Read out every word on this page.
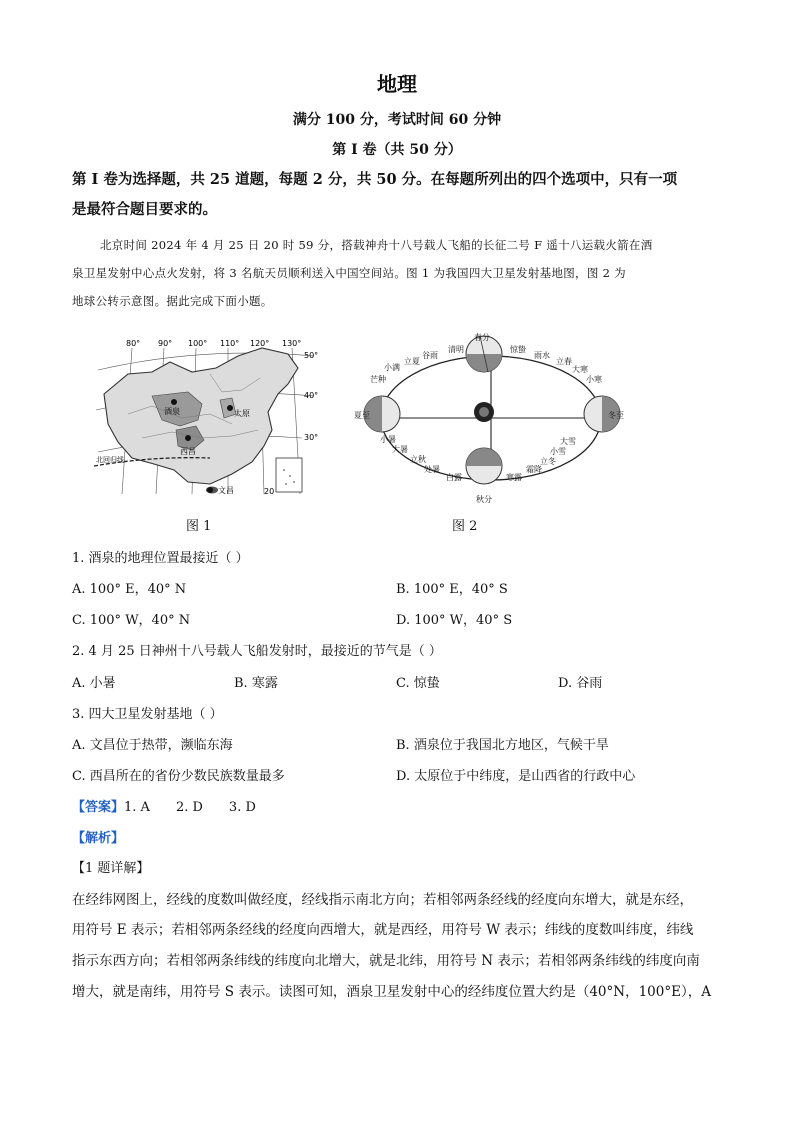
地理
满分 100 分，考试时间 60 分钟
第 I 卷（共 50 分）
第 I 卷为选择题，共 25 道题，每题 2 分，共 50 分。在每题所列出的四个选项中，只有一项
是最符合题目要求的。
北京时间 2024 年 4 月 25 日 20 时 59 分，搭载神舟十八号载人飞船的长征二号 F 遥十八运载火箭在酒
泉卫星发射中心点火发射，将 3 名航天员顺利送入中国空间站。图 1 为我国四大卫星发射基地图，图 2 为
地球公转示意图。据此完成下面小题。
酒泉	太原
西昌
文昌
80° 90° 100° 110° 120° 130°
50°
40°
30°
北回归线
20
图 1
春分
清明
谷雨
立夏
小满
芒种
夏至
小暑
大暑
立秋
处暑
白露
秋分
寒露
霜降
立冬
小雪
大雪
冬至
小寒
大寒
立春
雨水
惊蛰
图 2
1. 酒泉的地理位置最接近（ ）
A. 100° E，40° N	B. 100° E，40° S
C. 100° W，40° N	D. 100° W，40° S
2. 4 月 25 日神州十八号载人飞船发射时，最接近的节气是（ ）
A. 小暑	B. 寒露	C. 惊蛰	D. 谷雨
3. 四大卫星发射基地（ ）
A. 文昌位于热带，濒临东海	B. 酒泉位于我国北方地区，气候干旱
C. 西昌所在的省份少数民族数量最多	D. 太原位于中纬度，是山西省的行政中心
【答案】1. A 2. D 3. D
【解析】
【1 题详解】
在经纬网图上，经线的度数叫做经度，经线指示南北方向；若相邻两条经线的经度向东增大，就是东经，
用符号 E 表示；若相邻两条经线的经度向西增大，就是西经，用符号 W 表示；纬线的度数叫纬度，纬线
指示东西方向；若相邻两条纬线的纬度向北增大，就是北纬，用符号 N 表示；若相邻两条纬线的纬度向南
增大，就是南纬，用符号 S 表示。读图可知，酒泉卫星发射中心的经纬度位置大约是（40°N，100°E），A
